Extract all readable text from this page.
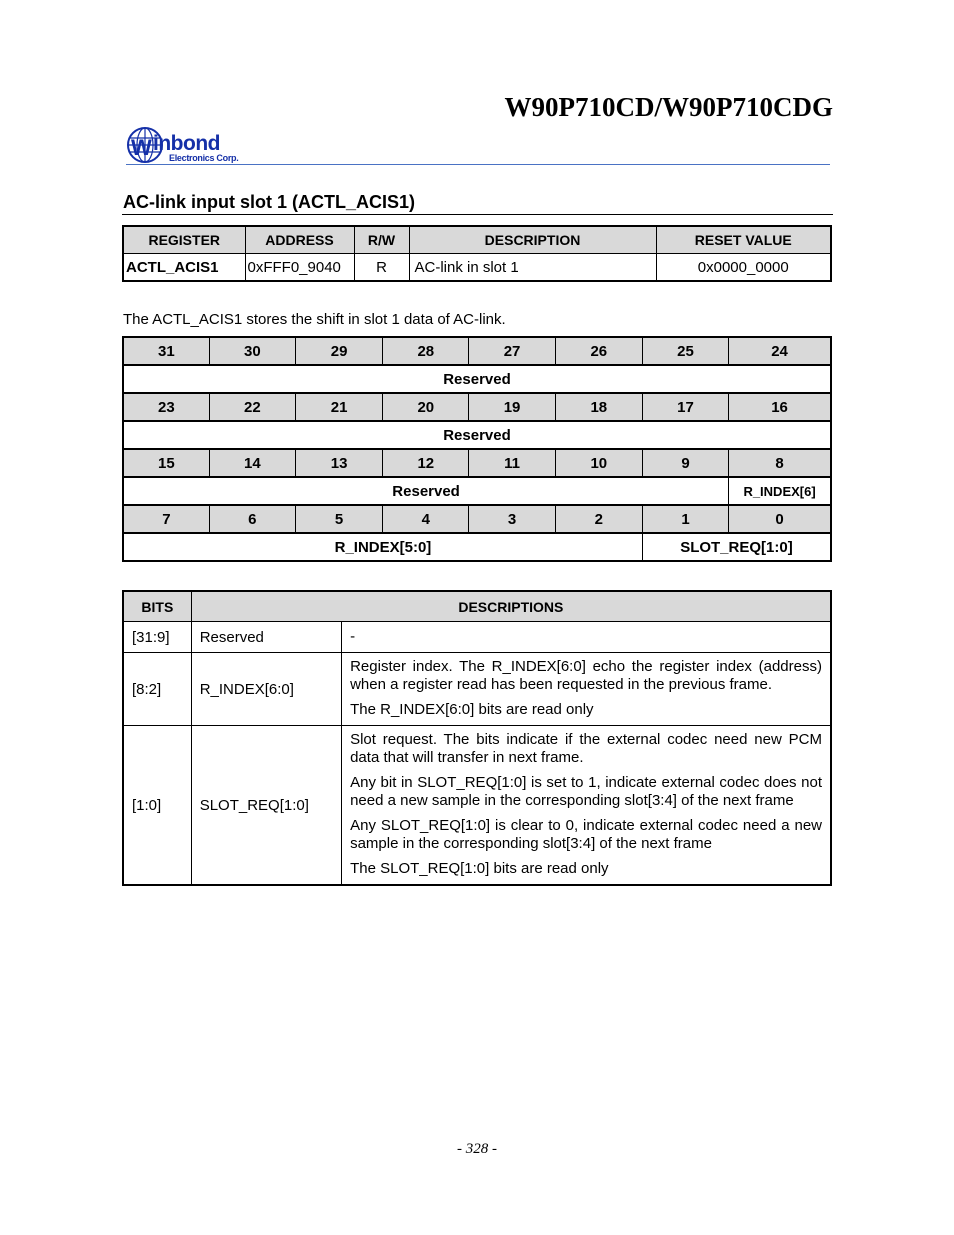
W90P710CD/W90P710CDG
W inbond
Electronics Corp.
AC-link input slot 1 (ACTL_ACIS1)
REGISTER	ADDRESS	R/W	DESCRIPTION	RESET VALUE
ACTL_ACIS1	0xFFF0_9040	R	AC-link in slot 1	0x0000_0000
The ACTL_ACIS1 stores the shift in slot 1 data of AC-link.
31	30	29	28	27	26	25	24
Reserved							
23	22	21	20	19	18	17	16
Reserved							
15	14	13	12	11	10	9	8
Reserved							R_INDEX[6]
7	6	5	4	3	2	1	0
R_INDEX[5:0]						SLOT_REQ[1:0]	
BITS	DESCRIPTIONS	
[31:9]	Reserved	-

[8:2]	R_INDEX[6:0]	Register index. The R_INDEX[6:0] echo the register index (address) when a register read has been requested in the previous frame.

The R_INDEX[6:0] bits are read only

[1:0]	SLOT_REQ[1:0]	Slot request. The bits indicate if the external codec need new PCM data that will transfer in next frame.

Any bit in SLOT_REQ[1:0] is set to 1, indicate external codec does not need a new sample in the corresponding slot[3:4] of the next frame

Any SLOT_REQ[1:0] is clear to 0, indicate external codec need a new sample in the corresponding slot[3:4] of the next frame

The SLOT_REQ[1:0] bits are read only

- 328 -
